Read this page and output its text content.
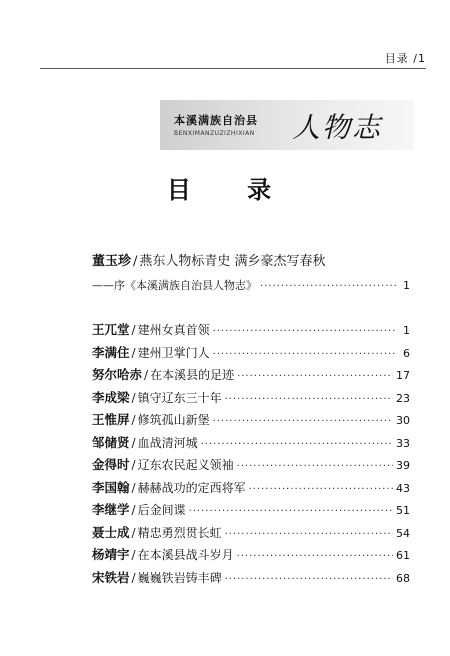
目录 /1
本溪满族自治县
BENXIMANZUZIZHIXIAN 人物志
目 录
董玉珍 / 燕东人物标青史 满乡豪杰写春秋
——序《本溪满族自治县人物志》 ·····	1
王兀堂 / 建州女真首领 ·····	1
李满住 / 建州卫掌门人 ·····	6
努尔哈赤 / 在本溪县的足迹 ·····	17
李成梁 / 镇守辽东三十年 ·····	23
王惟屏 / 修筑孤山新堡 ·····	30
邹储贤 / 血战清河城 ·····	33
金得时 / 辽东农民起义领袖 ·····	39
李国翰 / 赫赫战功的定西将军 ·····	43
李继学 / 后金间谍 ·····	51
聂士成 / 精忠勇烈贯长虹 ·····	54
杨靖宇 / 在本溪县战斗岁月 ·····	61
宋铁岩 / 巍巍铁岩铸丰碑 ·····	68
